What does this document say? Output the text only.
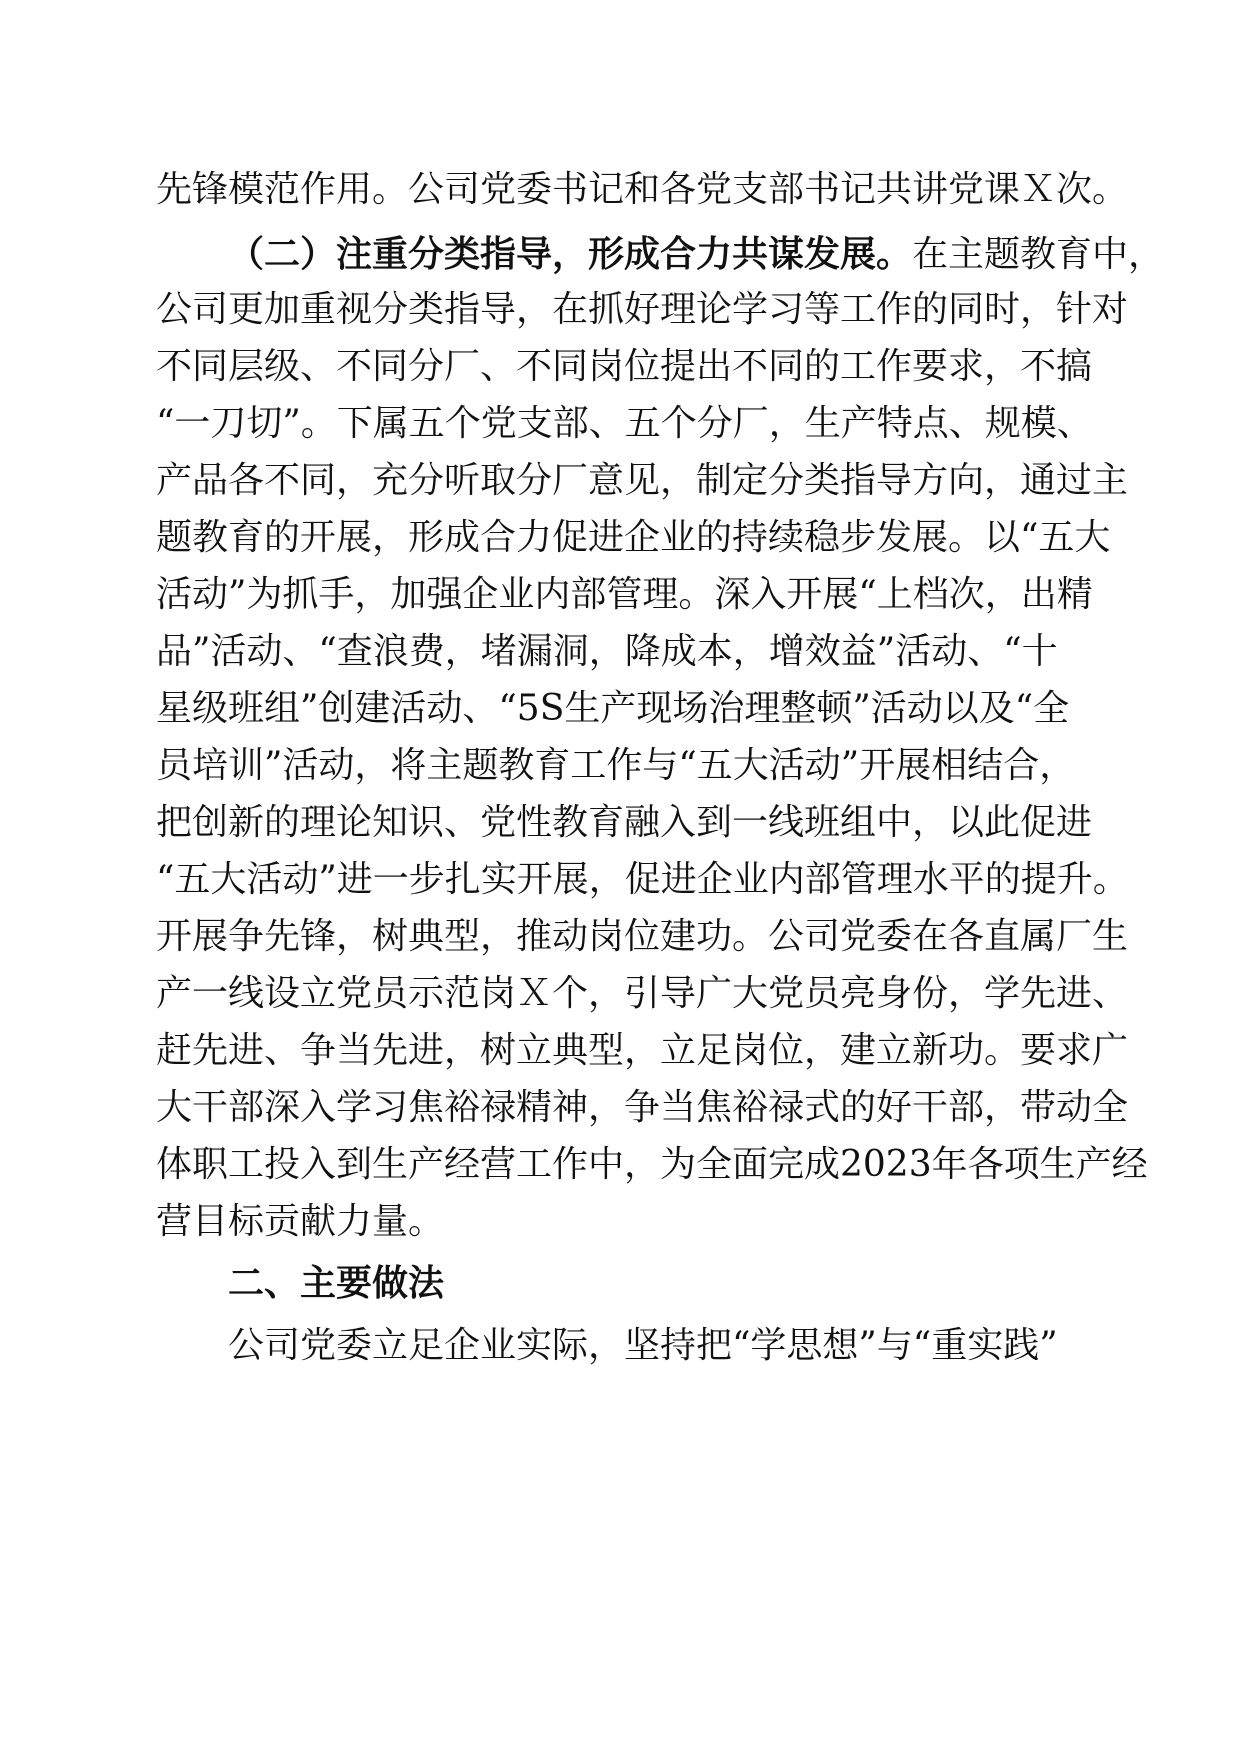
先锋模范作用。公司党委书记和各党支部书记共讲党课Ｘ次。
（二）注重分类指导，形成合力共谋发展。在主题教育中，
公司更加重视分类指导，在抓好理论学习等工作的同时，针对
不同层级、不同分厂、不同岗位提出不同的工作要求，不搞
“一刀切”。下属五个党支部、五个分厂，生产特点、规模、
产品各不同，充分听取分厂意见，制定分类指导方向，通过主
题教育的开展，形成合力促进企业的持续稳步发展。以“五大
活动”为抓手，加强企业内部管理。深入开展“上档次，出精
品”活动、“查浪费，堵漏洞，降成本，增效益”活动、“十
星级班组”创建活动、“5S生产现场治理整顿”活动以及“全
员培训”活动，将主题教育工作与“五大活动”开展相结合，
把创新的理论知识、党性教育融入到一线班组中，以此促进
“五大活动”进一步扎实开展，促进企业内部管理水平的提升。
开展争先锋，树典型，推动岗位建功。公司党委在各直属厂生
产一线设立党员示范岗Ｘ个，引导广大党员亮身份，学先进、
赶先进、争当先进，树立典型，立足岗位，建立新功。要求广
大干部深入学习焦裕禄精神，争当焦裕禄式的好干部，带动全
体职工投入到生产经营工作中，为全面完成2023年各项生产经
营目标贡献力量。
二、主要做法
公司党委立足企业实际，坚持把“学思想”与“重实践”
